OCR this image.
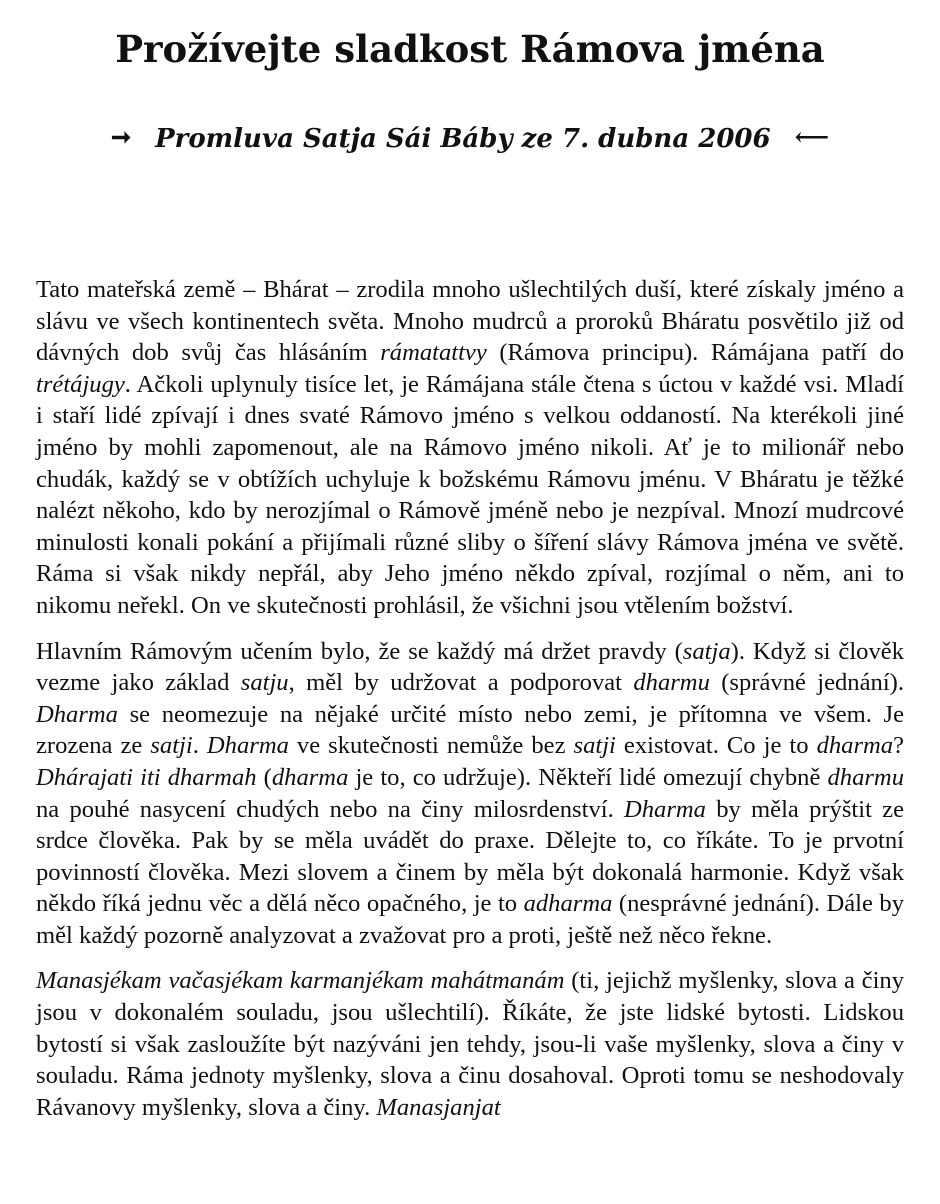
Prožívejte sladkost Rámova jména
➞ Promluva Satja Sái Báby ze 7. dubna 2006 ⟵

Tato mateřská země – Bhárat – zrodila mnoho ušlechtilých duší, které získaly jméno a slávu ve všech kontinentech světa. Mnoho mudrců a proroků Bháratu posvětilo již od dávných dob svůj čas hlásáním rámatattvy (Rámova principu). Rámájana patří do trétájugy. Ačkoli uplynuly tisíce let, je Rámájana stále čtena s úctou v každé vsi. Mladí i staří lidé zpívají i dnes svaté Rámovo jméno s velkou oddaností. Na kterékoli jiné jméno by mohli zapomenout, ale na Rámovo jméno nikoli. Ať je to milionář nebo chudák, každý se v obtížích uchyluje k božskému Rámovu jménu. V Bháratu je těžké nalézt někoho, kdo by nerozjímal o Rámově jméně nebo je nezpíval. Mnozí mudrcové minulosti konali pokání a přijímali různé sliby o šíření slávy Rámova jména ve světě. Ráma si však nikdy nepřál, aby Jeho jméno někdo zpíval, rozjímal o něm, ani to nikomu neřekl. On ve skutečnosti prohlásil, že všichni jsou vtělením božství.

Hlavním Rámovým učením bylo, že se každý má držet pravdy (satja). Když si člověk vezme jako základ satju, měl by udržovat a podporovat dharmu (správné jednání). Dharma se neomezuje na nějaké určité místo nebo zemi, je přítomna ve všem. Je zrozena ze satji. Dharma ve skutečnosti nemůže bez satji existovat. Co je to dharma? Dhárajati iti dharmah (dharma je to, co udržuje). Někteří lidé omezují chybně dharmu na pouhé nasycení chudých nebo na činy milosrdenství. Dharma by měla prýštit ze srdce člověka. Pak by se měla uvádět do praxe. Dělejte to, co říkáte. To je prvotní povinností člověka. Mezi slovem a činem by měla být dokonalá harmonie. Když však někdo říká jednu věc a dělá něco opačného, je to adharma (nesprávné jednání). Dále by měl každý pozorně analyzovat a zvažovat pro a proti, ještě než něco řekne.

Manasjékam vačasjékam karmanjékam mahátmanám (ti, jejichž myšlenky, slova a činy jsou v dokonalém souladu, jsou ušlechtilí). Říkáte, že jste lidské bytosti. Lidskou bytostí si však zasloužíte být nazýváni jen tehdy, jsou-li vaše myšlenky, slova a činy v souladu. Ráma jednoty myšlenky, slova a činu dosahoval. Oproti tomu se neshodovaly Rávanovy myšlenky, slova a činy. Manasjanjat
